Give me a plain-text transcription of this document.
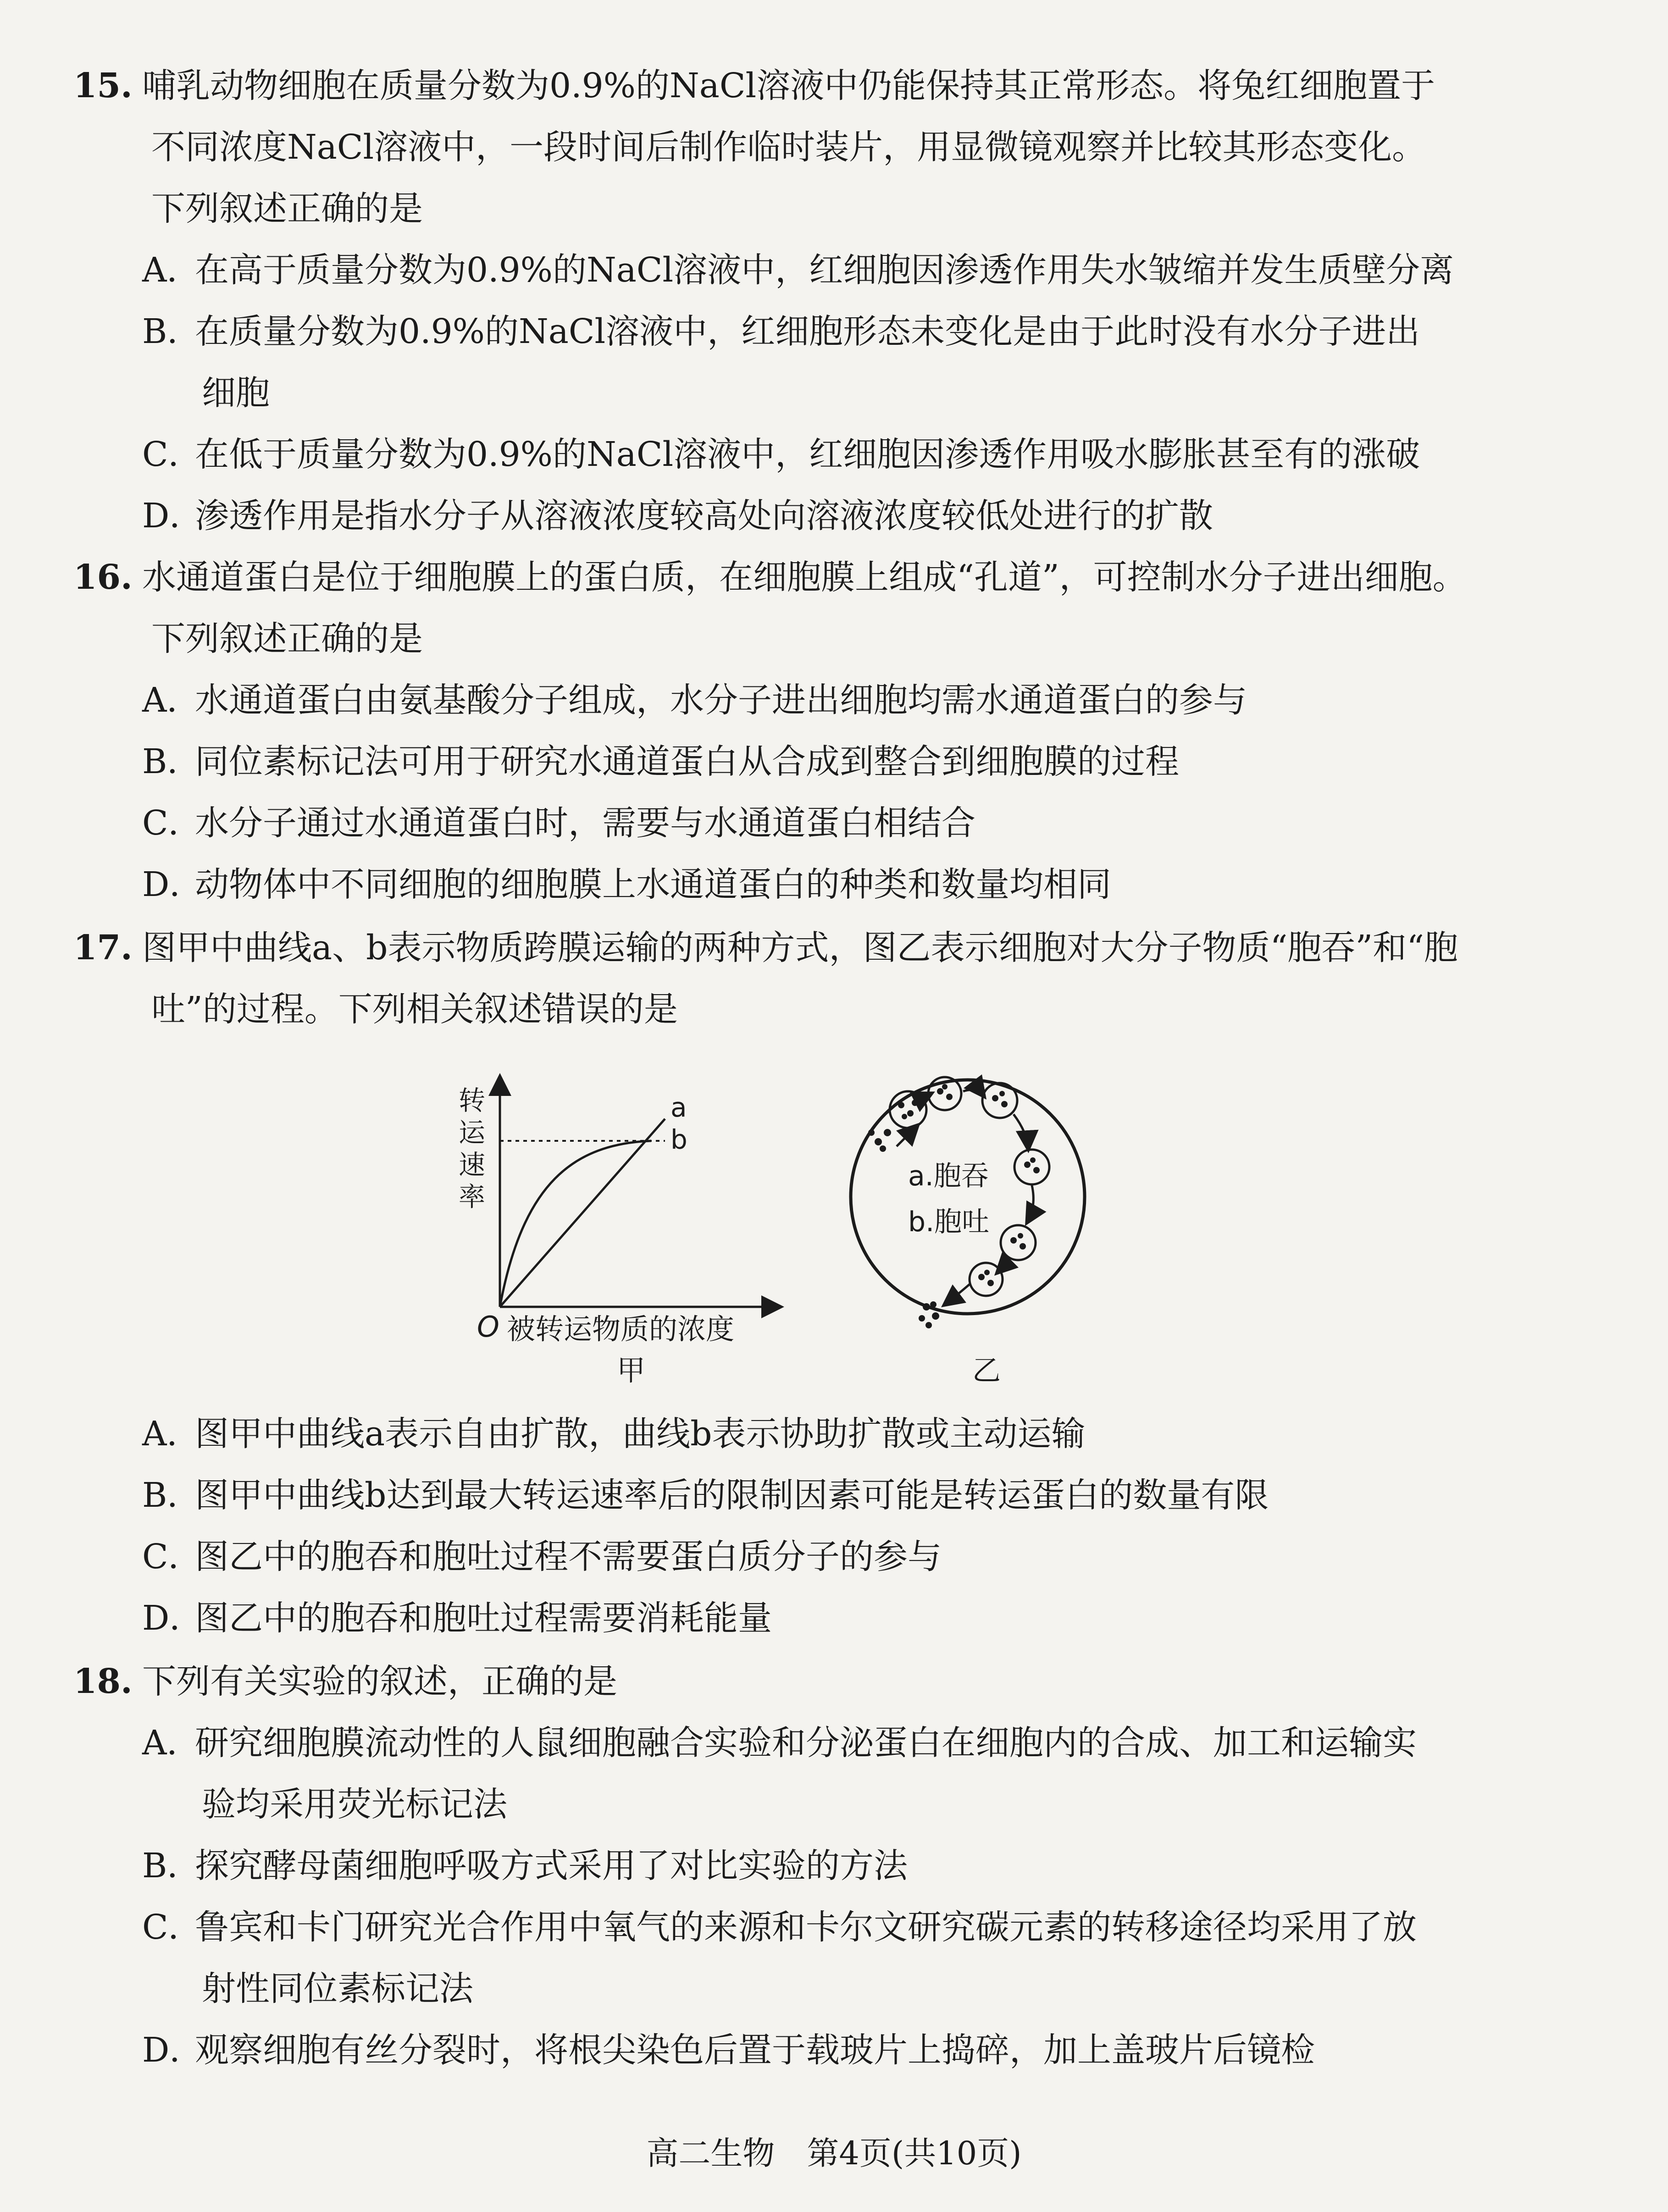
15. 哺乳动物细胞在质量分数为0.9%的NaCl溶液中仍能保持其正常形态。将兔红细胞置于
不同浓度NaCl溶液中，一段时间后制作临时装片，用显微镜观察并比较其形态变化。
下列叙述正确的是
A．在高于质量分数为0.9%的NaCl溶液中，红细胞因渗透作用失水皱缩并发生质壁分离
B．在质量分数为0.9%的NaCl溶液中，红细胞形态未变化是由于此时没有水分子进出
细胞
C．在低于质量分数为0.9%的NaCl溶液中，红细胞因渗透作用吸水膨胀甚至有的涨破
D．渗透作用是指水分子从溶液浓度较高处向溶液浓度较低处进行的扩散
16. 水通道蛋白是位于细胞膜上的蛋白质，在细胞膜上组成“孔道”，可控制水分子进出细胞。
下列叙述正确的是
A．水通道蛋白由氨基酸分子组成，水分子进出细胞均需水通道蛋白的参与
B．同位素标记法可用于研究水通道蛋白从合成到整合到细胞膜的过程
C．水分子通过水通道蛋白时，需要与水通道蛋白相结合
D．动物体中不同细胞的细胞膜上水通道蛋白的种类和数量均相同
17. 图甲中曲线a、b表示物质跨膜运输的两种方式，图乙表示细胞对大分子物质“胞吞”和“胞
吐”的过程。下列相关叙述错误的是
a
b
转
运
速
率
O 被转运物质的浓度
甲
a.胞吞
b.胞吐
乙
A．图甲中曲线a表示自由扩散，曲线b表示协助扩散或主动运输
B．图甲中曲线b达到最大转运速率后的限制因素可能是转运蛋白的数量有限
C．图乙中的胞吞和胞吐过程不需要蛋白质分子的参与
D．图乙中的胞吞和胞吐过程需要消耗能量
18. 下列有关实验的叙述，正确的是
A．研究细胞膜流动性的人鼠细胞融合实验和分泌蛋白在细胞内的合成、加工和运输实
验均采用荧光标记法
B．探究酵母菌细胞呼吸方式采用了对比实验的方法
C．鲁宾和卡门研究光合作用中氧气的来源和卡尔文研究碳元素的转移途径均采用了放
射性同位素标记法
D．观察细胞有丝分裂时，将根尖染色后置于载玻片上捣碎，加上盖玻片后镜检
高二生物　第4页(共10页)
